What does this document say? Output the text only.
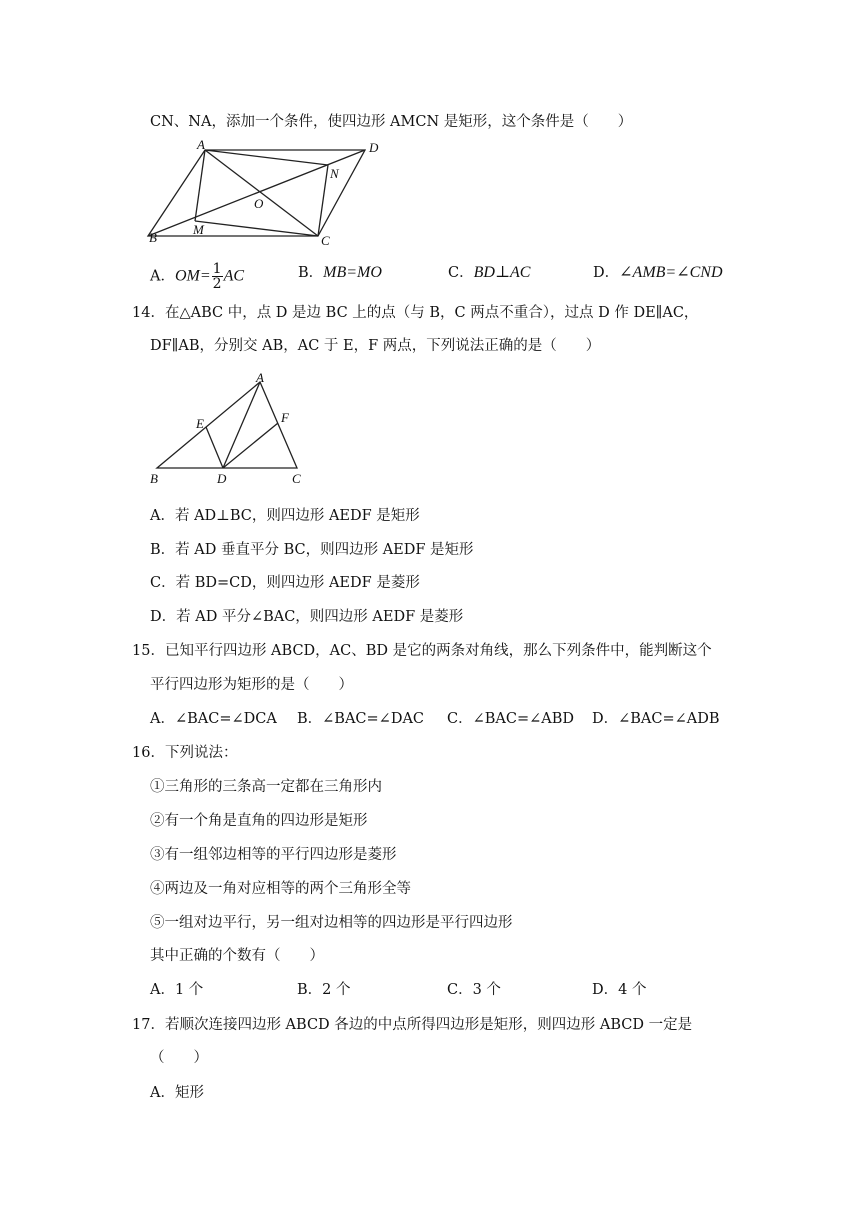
CN、NA，添加一个条件，使四边形 AMCN 是矩形，这个条件是（　　）
A	D
N
O
B
M
C
A．$OM= \frac{1}{2}$ AC	B．MB=MO	C．BD⊥AC	D．∠AMB=∠CND
14．在△ABC 中，点 D 是边 BC 上的点（与 B，C 两点不重合），过点 D 作 DE∥AC，
DF∥AB，分别交 AB，AC 于 E，F 两点，下列说法正确的是（　　）
A
E	F
B	D	C
A．若 AD⊥BC，则四边形 AEDF 是矩形
B．若 AD 垂直平分 BC，则四边形 AEDF 是矩形
C．若 BD=CD，则四边形 AEDF 是菱形
D．若 AD 平分∠BAC，则四边形 AEDF 是菱形
15．已知平行四边形 ABCD，AC、BD 是它的两条对角线，那么下列条件中，能判断这个
平行四边形为矩形的是（　　）
A．∠BAC=∠DCA B．∠BAC=∠DAC C．∠BAC=∠ABD D．∠BAC=∠ADB
16．下列说法：
①三角形的三条高一定都在三角形内
②有一个角是直角的四边形是矩形
③有一组邻边相等的平行四边形是菱形
④两边及一角对应相等的两个三角形全等
⑤一组对边平行，另一组对边相等的四边形是平行四边形
其中正确的个数有（　　）
A．1 个	B．2 个	C．3 个	D．4 个
17．若顺次连接四边形 ABCD 各边的中点所得四边形是矩形，则四边形 ABCD 一定是
（　　）
A．矩形
